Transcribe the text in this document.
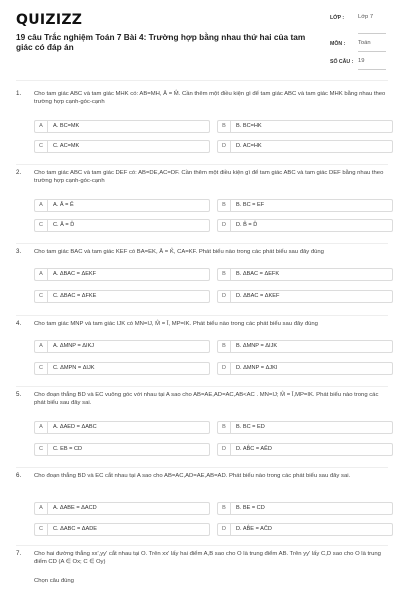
QUIZIZZ
19 câu Trắc nghiệm Toán 7 Bài 4: Trường hợp bằng nhau thứ hai của tam giác có đáp án
LỚP : Lớp 7
MÔN : Toán
SỐ CÂU : 19
1. Cho tam giác ABC và tam giác MHK có: AB=MH, Â = M̂. Cần thêm một điều kiện gì để tam giác ABC và tam giác MHK bằng nhau theo trường hợp cạnh-góc-cạnh
A	A. BC=MK	B	B. BC=HK
C	C. AC=MK	D	D. AC=HK
2. Cho tam giác ABC và tam giác DEF có: AB=DE,AC=DF. Cần thêm một điều kiện gì để tam giác ABC và tam giác DEF bằng nhau theo trường hợp cạnh-góc-cạnh
A	A. Â = Ê	B	B. BC = EF
C	C. Â = D̂	D	D. B̂ = D̂
3. Cho tam giác BAC và tam giác KEF có BA=EK, Â = K̂, CA=KF. Phát biểu nào trong các phát biểu sau đây đúng
A	A. ΔBAC = ΔEKF	B	B. ΔBAC = ΔEFK
C	C. ΔBAC = ΔFKE	D	D. ΔBAC = ΔKEF
4. Cho tam giác MNP và tam giác IJK có MN=IJ, M̂ = Î, MP=IK. Phát biểu nào trong các phát biểu sau đây đúng
A	A. ΔMNP = ΔIKJ	B	B. ΔMNP = ΔIJK
C	C. ΔMPN = ΔIJK	D	D. ΔMNP = ΔJKI
5. Cho đoạn thẳng BD và EC vuông góc với nhau tại A sao cho AB=AE,AD=AC,AB<AC . MN=IJ; M̂ = Î,MP=IK. Phát biểu nào trong các phát biểu sau đây sai.
A	A. ΔAED = ΔABC	B	B. BC = ED
C	C. EB = CD	D	D. AB̂C = AÊD
6. Cho đoạn thẳng BD và EC cắt nhau tại A sao cho AB=AC,AD=AE,AB=AD. Phát biểu nào trong các phát biểu sau đây sai.
A	A. ΔABE = ΔACD	B	B. BE = CD
C	C. ΔABC = ΔADE	D	D. AB̂E = AĈD
7. Cho hai đường thẳng xx',yy' cắt nhau tại O. Trên xx' lấy hai điểm A,B sao cho O là trung điểm AB. Trên yy' lấy C,D sao cho O là trung điểm CD (A ∈ Ox; C ∈ Oy)
Chọn câu đúng
